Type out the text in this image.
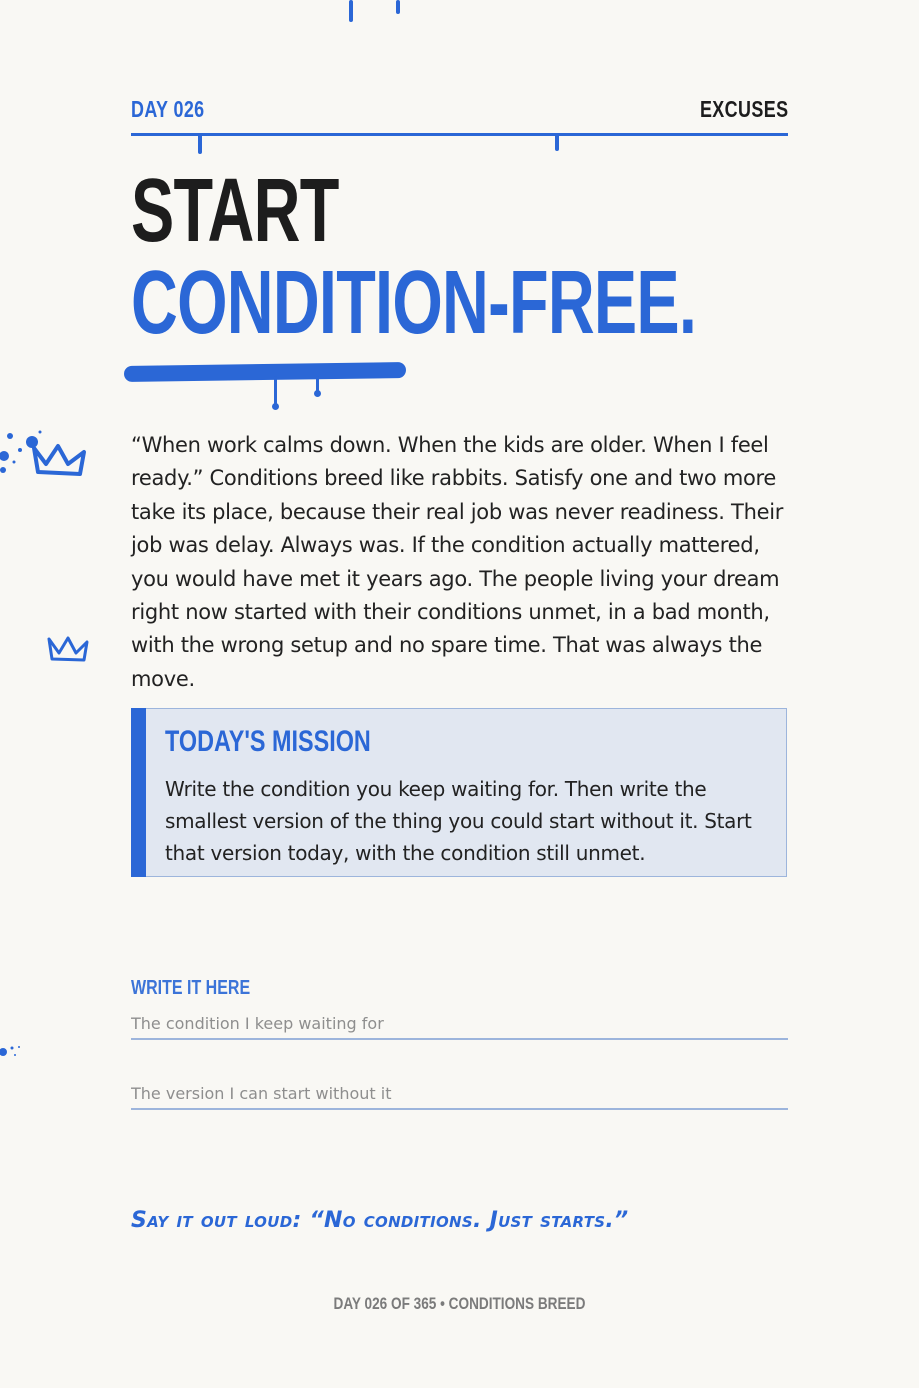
DAY 026	EXCUSES
START
CONDITION-FREE.
“When work calms down. When the kids are older. When I feel ready.” Conditions breed like rabbits. Satisfy one and two more take its place, because their real job was never readiness. Their job was delay. Always was. If the condition actually mattered, you would have met it years ago. The people living your dream right now started with their conditions unmet, in a bad month, with the wrong setup and no spare time. That was always the move.
TODAY'S MISSION
Write the condition you keep waiting for. Then write the smallest version of the thing you could start without it. Start that version today, with the condition still unmet.
WRITE IT HERE
The condition I keep waiting for
The version I can start without it
Say it out loud: “No conditions. Just starts.”
DAY 026 OF 365 • CONDITIONS BREED
